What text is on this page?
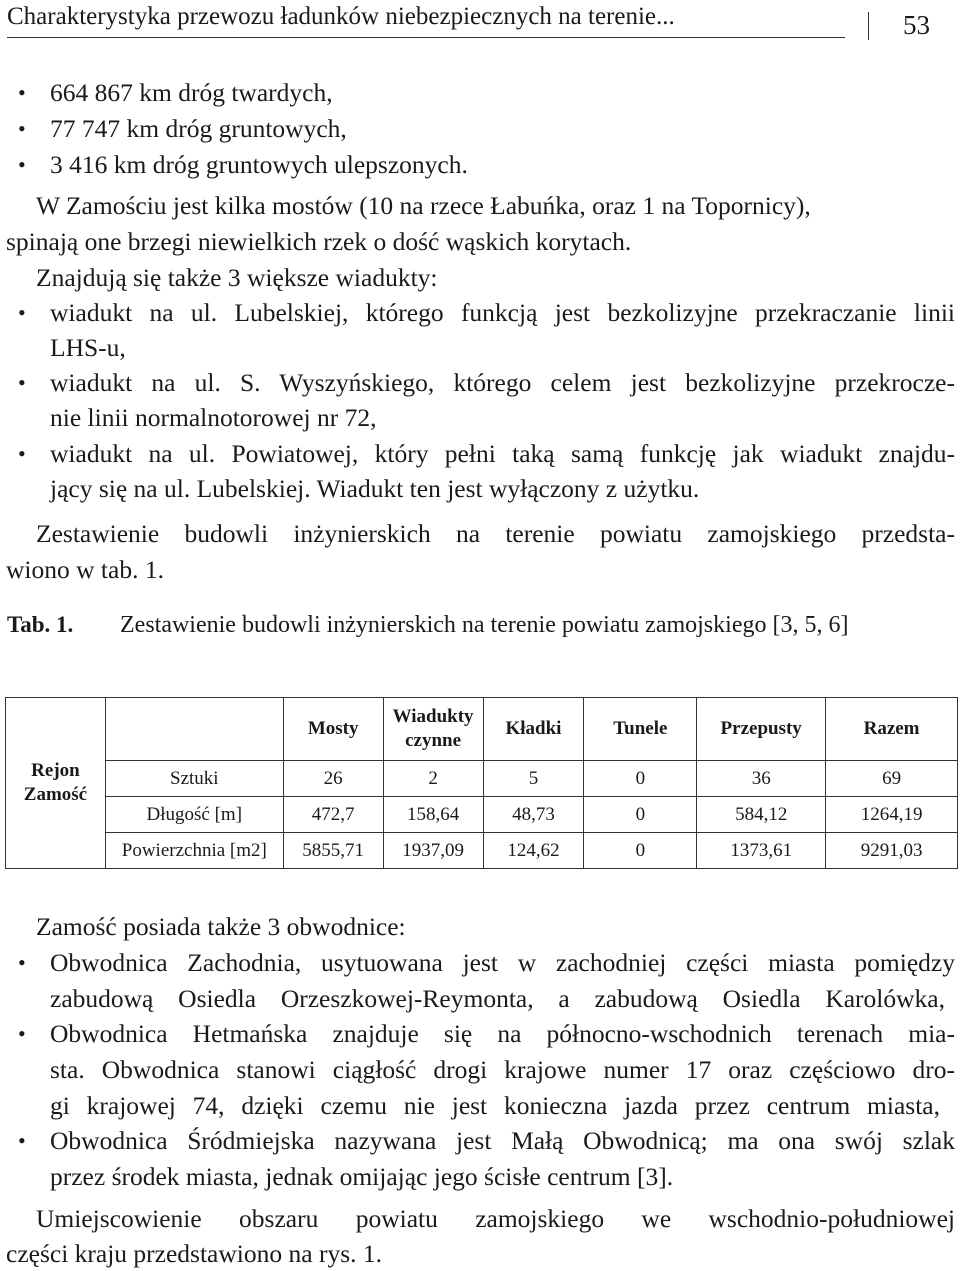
Charakterystyka przewozu ładunków niebezpiecznych na terenie...	53
• 664 867 km dróg twardych,
• 77 747 km dróg gruntowych,
• 3 416 km dróg gruntowych ulepszonych.
W Zamościu jest kilka mostów (10 na rzece Łabuńka, oraz 1 na Topornicy),
spinają one brzegi niewielkich rzek o dość wąskich korytach.
Znajdują się także 3 większe wiadukty:
• wiadukt na ul. Lubelskiej, którego funkcją jest bezkolizyjne przekraczanie linii
LHS-u,
• wiadukt na ul. S. Wyszyńskiego, którego celem jest bezkolizyjne przekrocze-
nie linii normalnotorowej nr 72,
• wiadukt na ul. Powiatowej, który pełni taką samą funkcję jak wiadukt znajdu-
jący się na ul. Lubelskiej. Wiadukt ten jest wyłączony z użytku.
Zestawienie budowli inżynierskich na terenie powiatu zamojskiego przedsta-
wiono w tab. 1.
Tab. 1. Zestawienie budowli inżynierskich na terenie powiatu zamojskiego [3, 5, 6]
Rejon Zamość		Mosty	Wiadukty czynne	Kładki	Tunele	Przepusty	Razem
	Sztuki	26	2	5	0	36	69
	Długość [m]	472,7	158,64	48,73	0	584,12	1264,19
	Powierzchnia [m2]	5855,71	1937,09	124,62	0	1373,61	9291,03
Zamość posiada także 3 obwodnice:
• Obwodnica Zachodnia, usytuowana jest w zachodniej części miasta pomiędzy
zabudową Osiedla Orzeszkowej-Reymonta, a zabudową Osiedla Karolówka,
• Obwodnica Hetmańska znajduje się na północno-wschodnich terenach mia-
sta. Obwodnica stanowi ciągłość drogi krajowe numer 17 oraz częściowo dro-
gi krajowej 74, dzięki czemu nie jest konieczna jazda przez centrum miasta,
• Obwodnica Śródmiejska nazywana jest Małą Obwodnicą; ma ona swój szlak
przez środek miasta, jednak omijając jego ścisłe centrum [3].
Umiejscowienie obszaru powiatu zamojskiego we wschodnio-południowej
części kraju przedstawiono na rys. 1.
